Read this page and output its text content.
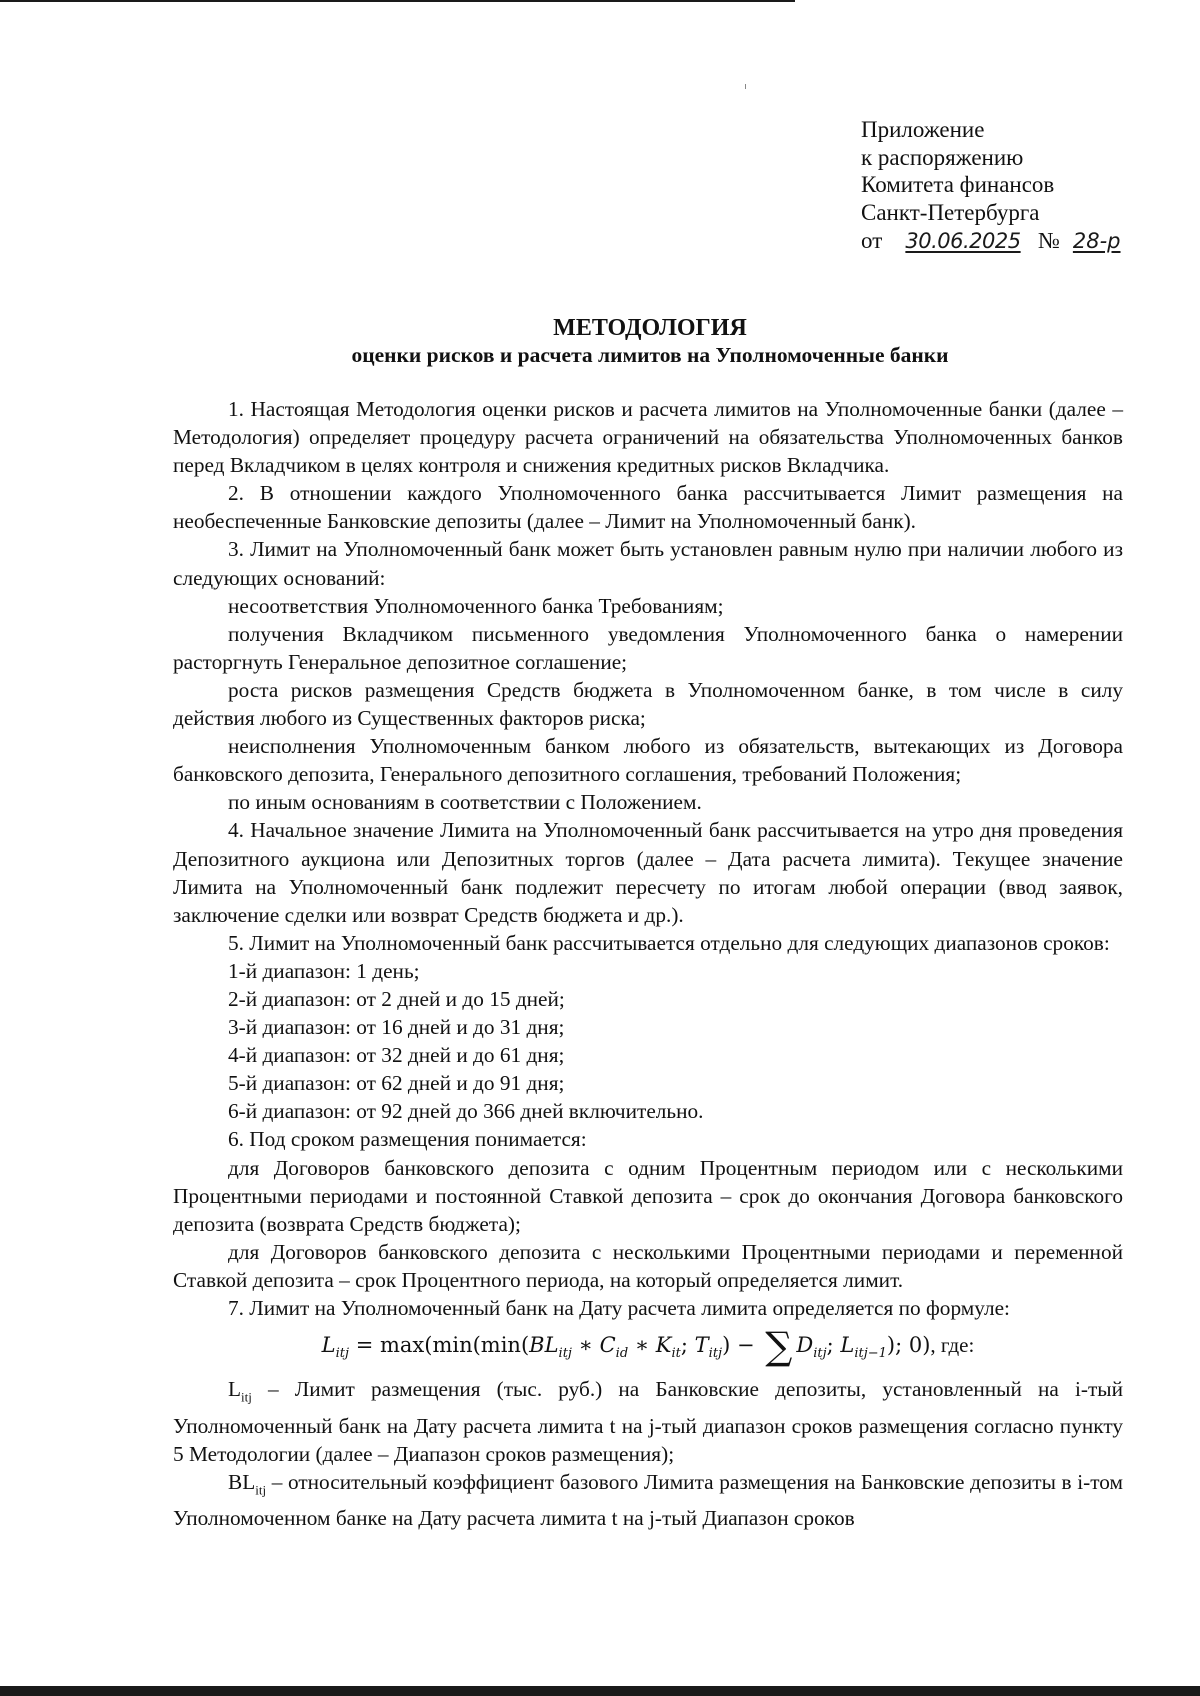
Приложение
к распоряжению
Комитета финансов
Санкт-Петербурга
от 30.06.2025 № 28-р
МЕТОДОЛОГИЯ
оценки рисков и расчета лимитов на Уполномоченные банки

1. Настоящая Методология оценки рисков и расчета лимитов на Уполномоченные банки (далее – Методология) определяет процедуру расчета ограничений на обязательства Уполномоченных банков перед Вкладчиком в целях контроля и снижения кредитных рисков Вкладчика.

2. В отношении каждого Уполномоченного банка рассчитывается Лимит размещения на необеспеченные Банковские депозиты (далее – Лимит на Уполномоченный банк).

3. Лимит на Уполномоченный банк может быть установлен равным нулю при наличии любого из следующих оснований:

несоответствия Уполномоченного банка Требованиям;

получения Вкладчиком письменного уведомления Уполномоченного банка о намерении расторгнуть Генеральное депозитное соглашение;

роста рисков размещения Средств бюджета в Уполномоченном банке, в том числе в силу действия любого из Существенных факторов риска;

неисполнения Уполномоченным банком любого из обязательств, вытекающих из Договора банковского депозита, Генерального депозитного соглашения, требований Положения;

по иным основаниям в соответствии с Положением.

4. Начальное значение Лимита на Уполномоченный банк рассчитывается на утро дня проведения Депозитного аукциона или Депозитных торгов (далее – Дата расчета лимита). Текущее значение Лимита на Уполномоченный банк подлежит пересчету по итогам любой операции (ввод заявок, заключение сделки или возврат Средств бюджета и др.).

5. Лимит на Уполномоченный банк рассчитывается отдельно для следующих диапазонов сроков:

1-й диапазон: 1 день;

2-й диапазон: от 2 дней и до 15 дней;

3-й диапазон: от 16 дней и до 31 дня;

4-й диапазон: от 32 дней и до 61 дня;

5-й диапазон: от 62 дней и до 91 дня;

6-й диапазон: от 92 дней до 366 дней включительно.

6. Под сроком размещения понимается:

для Договоров банковского депозита с одним Процентным периодом или с несколькими Процентными периодами и постоянной Ставкой депозита – срок до окончания Договора банковского депозита (возврата Средств бюджета);

для Договоров банковского депозита с несколькими Процентными периодами и переменной Ставкой депозита – срок Процентного периода, на который определяется лимит.

7. Лимит на Уполномоченный банк на Дату расчета лимита определяется по формуле:

$L_{itj} = \max(\min(\min(BL_{itj}$ ∗ $C_{id}$ ∗ $K_{it}$; $T_{itj}$) − ∑ $D_{itj}$; $L_{itj-1}$); 0), где:

$L_{itj}$ – Лимит размещения (тыс. руб.) на Банковские депозиты, установленный на i-тый Уполномоченный банк на Дату расчета лимита t на j-тый диапазон сроков размещения согласно пункту 5 Методологии (далее – Диапазон сроков размещения);

$BL_{itj}$ – относительный коэффициент базового Лимита размещения на Банковские депозиты в i-том Уполномоченном банке на Дату расчета лимита t на j-тый Диапазон сроков
